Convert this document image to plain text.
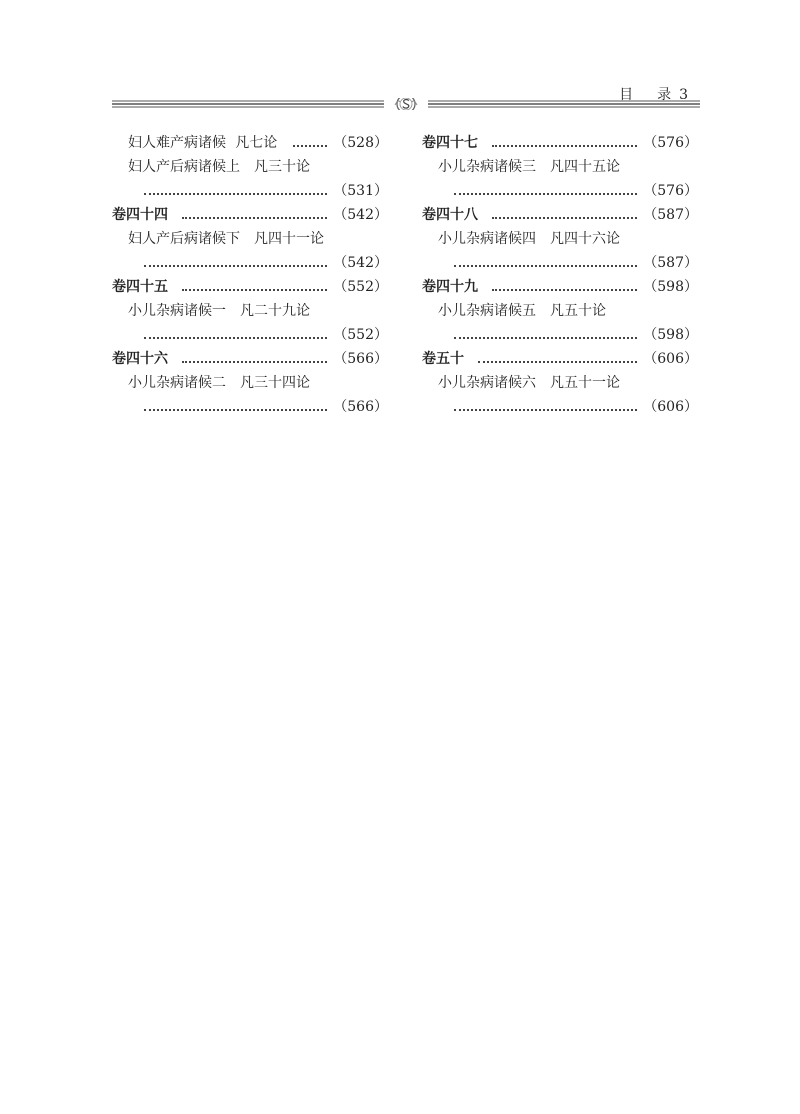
目 录 3
妇人难产病诸候 凡七论	（528）
妇人产后病诸候上 凡三十论
（531）
卷四十四	（542）
妇人产后病诸候下 凡四十一论
（542）
卷四十五	（552）
小儿杂病诸候一 凡二十九论
（552）
卷四十六	（566）
小儿杂病诸候二 凡三十四论
（566）
卷四十七	（576）
小儿杂病诸候三 凡四十五论
（576）
卷四十八	（587）
小儿杂病诸候四 凡四十六论
（587）
卷四十九	（598）
小儿杂病诸候五 凡五十论
（598）
卷五十	（606）
小儿杂病诸候六 凡五十一论
（606）
